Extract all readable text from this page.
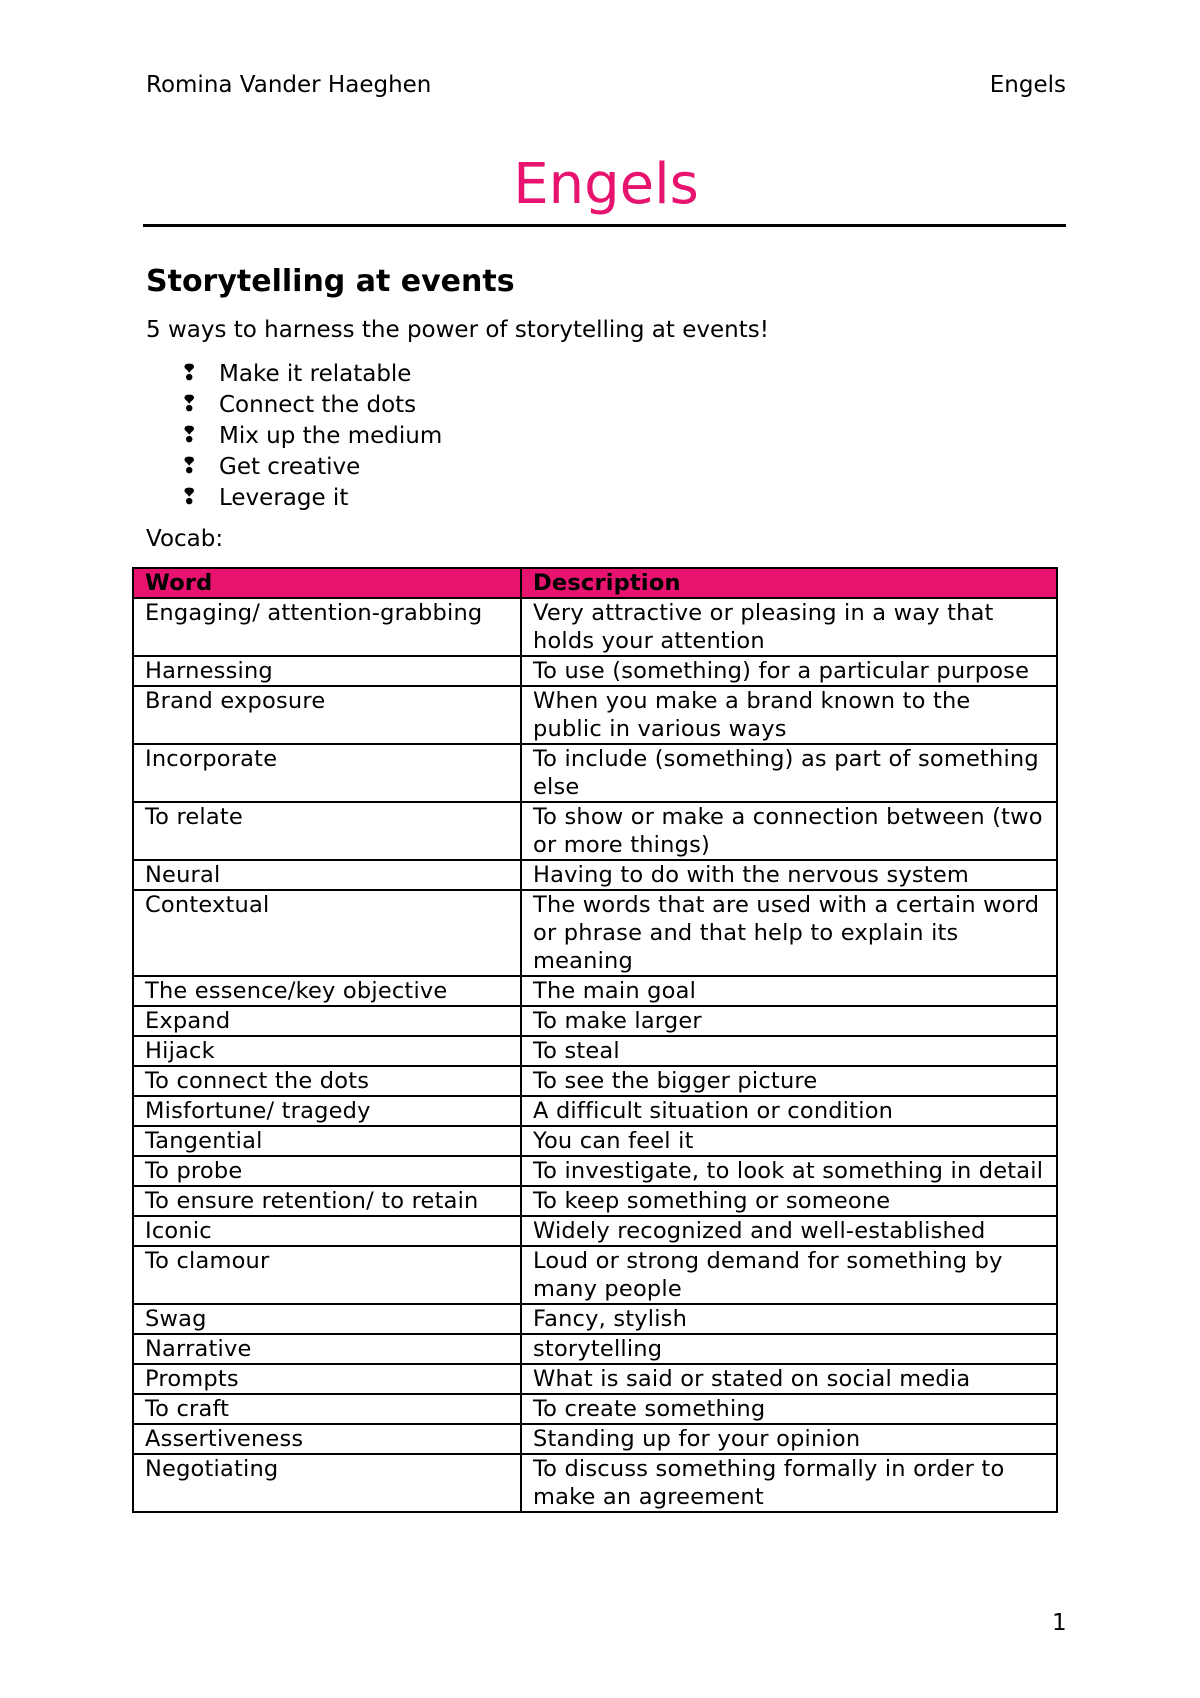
Romina Vander Haeghen	Engels
Engels
Storytelling at events
5 ways to harness the power of storytelling at events!
❢ Make it relatable
❢ Connect the dots
❢ Mix up the medium
❢ Get creative
❢ Leverage it
Vocab:
Word	Description
Engaging/ attention-grabbing	Very attractive or pleasing in a way that holds your attention
Harnessing	To use (something) for a particular purpose
Brand exposure	When you make a brand known to the public in various ways
Incorporate	To include (something) as part of something else
To relate	To show or make a connection between (two or more things)
Neural	Having to do with the nervous system
Contextual	The words that are used with a certain word or phrase and that help to explain its meaning
The essence/key objective	The main goal
Expand	To make larger
Hijack	To steal
To connect the dots	To see the bigger picture
Misfortune/ tragedy	A difficult situation or condition
Tangential	You can feel it
To probe	To investigate, to look at something in detail
To ensure retention/ to retain	To keep something or someone
Iconic	Widely recognized and well-established
To clamour	Loud or strong demand for something by many people
Swag	Fancy, stylish
Narrative	storytelling
Prompts	What is said or stated on social media
To craft	To create something
Assertiveness	Standing up for your opinion
Negotiating	To discuss something formally in order to make an agreement
1
